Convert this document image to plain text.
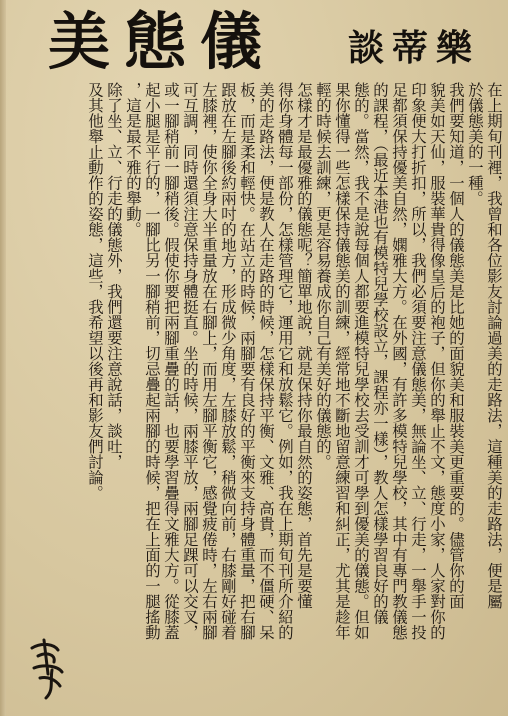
美態儀 談蒂樂
在上期旬刊裡，我曾和各位影友討論過美的走路法，這種美的走路法，便是屬
於儀態美的一種。
我們要知道，一個人的儀態美是比她的面貌美和服裝美更重要的。儘管你的面
貌美如天仙，服裝華貴得像皇后的袍子，但你的舉止不文，態度小家，人家對你的
印象便大打折扣，所以，我們必須要注意儀態美，無論坐、立、行走，一舉手一投
足都須保持優美自然，嫻雅大方。在外國，有許多模特兒學校，其中有專門教儀態
的課程，（最近本港也有模特兒學校設立，課程亦一樣），教人怎樣學習良好的儀
態的。當然，我不是說每個人都要進模特兒學校去受訓才可學到優美的儀態。但如
果你懂得一些怎樣保持儀態美的訓練，經常地不斷地留意練習和糾正，尤其是趁年
輕的時候去訓練，更是容易養成你自己有美好的儀態的。
怎樣才是最優雅的儀態呢？簡單地說，就是保持你最自然的姿態，首先是要懂
得你身體每一部份，怎樣管理它，運用它和放鬆它。例如，我在上期旬刊所介紹的
美的走路法，便是教人在走路的時候，怎樣保持平衡、文雅、高貴，而不僵硬、呆
板，而是柔和輕快。在站立的時候，兩腳要有良好的平衡來支持身體重量，把右腳
跟放在左腳後約兩吋的地方，形成微少角度，左膝放鬆，稍微向前，右膝剛好碰着
左膝裡，使你全身大半重量放在右腳上，而用左腳平衡它，感覺疲倦時，左右兩腳
可互調，同時還須注意保持身體挺直。坐的時候，兩膝平放，兩腳足踝可以交叉，
或一腳稍前一腳稍後。假使你要把兩腳重疊的話，也要學習疊得文雅大方。從膝蓋
起小腿是平行的，一腳比另一腳稍前，切忌疊起兩腳的時候，把在上面的一腿搖動
，這是最不雅的舉動。
除了坐、立、行走的儀態外，我們還要注意說話，談吐，
及其他舉止動作的姿態，這些，我希望以後再和影友們討論。
